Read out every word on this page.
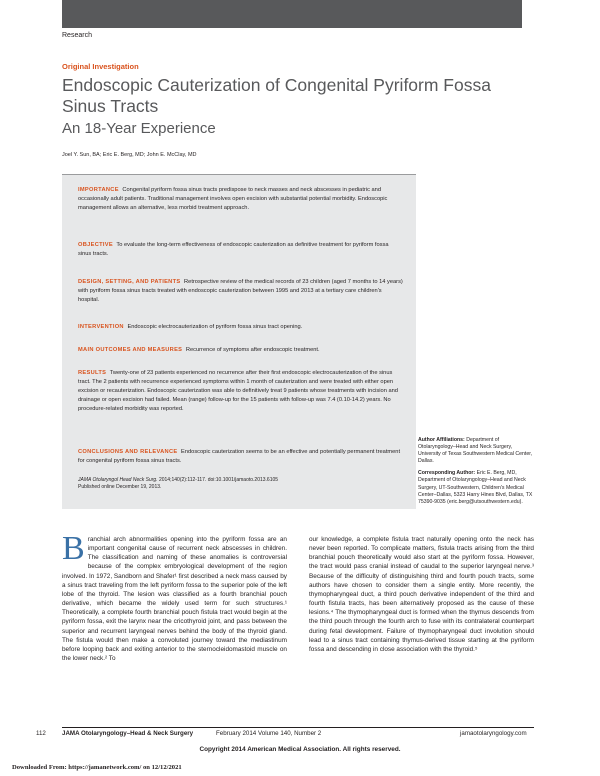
Research
Original Investigation
Endoscopic Cauterization of Congenital Pyriform Fossa Sinus Tracts
An 18-Year Experience
Joel Y. Sun, BA; Eric E. Berg, MD; John E. McClay, MD
IMPORTANCE Congenital pyriform fossa sinus tracts predispose to neck masses and neck abscesses in pediatric and occasionally adult patients. Traditional management involves open excision with substantial potential morbidity. Endoscopic management allows an alternative, less morbid treatment approach.
OBJECTIVE To evaluate the long-term effectiveness of endoscopic cauterization as definitive treatment for pyriform fossa sinus tracts.
DESIGN, SETTING, AND PATIENTS Retrospective review of the medical records of 23 children (aged 7 months to 14 years) with pyriform fossa sinus tracts treated with endoscopic cauterization between 1995 and 2013 at a tertiary care children's hospital.
INTERVENTION Endoscopic electrocauterization of pyriform fossa sinus tract opening.
MAIN OUTCOMES AND MEASURES Recurrence of symptoms after endoscopic treatment.
RESULTS Twenty-one of 23 patients experienced no recurrence after their first endoscopic electrocauterization of the sinus tract. The 2 patients with recurrence experienced symptoms within 1 month of cauterization and were treated with either open excision or recauterization. Endoscopic cauterization was able to definitively treat 9 patients whose treatments with incision and drainage or open excision had failed. Mean (range) follow-up for the 15 patients with follow-up was 7.4 (0.10-14.2) years. No procedure-related morbidity was reported.
CONCLUSIONS AND RELEVANCE Endoscopic cauterization seems to be an effective and potentially permanent treatment for congenital pyriform fossa sinus tracts.
JAMA Otolaryngol Head Neck Surg. 2014;140(2):112-117. doi:10.1001/jamaoto.2013.6105
Published online December 19, 2013.
Author Affiliations: Department of Otolaryngology–Head and Neck Surgery, University of Texas Southwestern Medical Center, Dallas.
Corresponding Author: Eric E. Berg, MD, Department of Otolaryngology–Head and Neck Surgery, UT-Southwestern, Children's Medical Center–Dallas, 5323 Harry Hines Blvd, Dallas, TX 75390-9035 (eric.berg@utsouthwestern.edu).
Branchial arch abnormalities opening into the pyriform fossa are an important congenital cause of recurrent neck abscesses in children. The classification and naming of these anomalies is controversial because of the complex embryological development of the region involved. In 1972, Sandborn and Shafer¹ first described a neck mass caused by a sinus tract traveling from the left pyriform fossa to the superior pole of the left lobe of the thyroid. The lesion was classified as a fourth branchial pouch derivative, which became the widely used term for such structures.¹ Theoretically, a complete fourth branchial pouch fistula tract would begin at the pyriform fossa, exit the larynx near the cricothyroid joint, and pass between the superior and recurrent laryngeal nerves behind the body of the thyroid gland. The fistula would then make a convoluted journey toward the mediastinum before looping back and exiting anterior to the sternocleidomastoid muscle on the lower neck.² To
our knowledge, a complete fistula tract naturally opening onto the neck has never been reported. To complicate matters, fistula tracts arising from the third branchial pouch theoretically would also start at the pyriform fossa. However, the tract would pass cranial instead of caudal to the superior laryngeal nerve.³ Because of the difficulty of distinguishing third and fourth pouch tracts, some authors have chosen to consider them a single entity. More recently, the thymopharyngeal duct, a third pouch derivative independent of the third and fourth fistula tracts, has been alternatively proposed as the cause of these lesions.⁴ The thymopharyngeal duct is formed when the thymus descends from the third pouch through the fourth arch to fuse with its contralateral counterpart during fetal development. Failure of thymopharyngeal duct involution should lead to a sinus tract containing thymus-derived tissue starting at the pyriform fossa and descending in close association with the thyroid.⁵
112	JAMA Otolaryngology–Head & Neck Surgery	February 2014 Volume 140, Number 2	jamaotolaryngology.com
Copyright 2014 American Medical Association. All rights reserved.
Downloaded From: https://jamanetwork.com/ on 12/12/2021
